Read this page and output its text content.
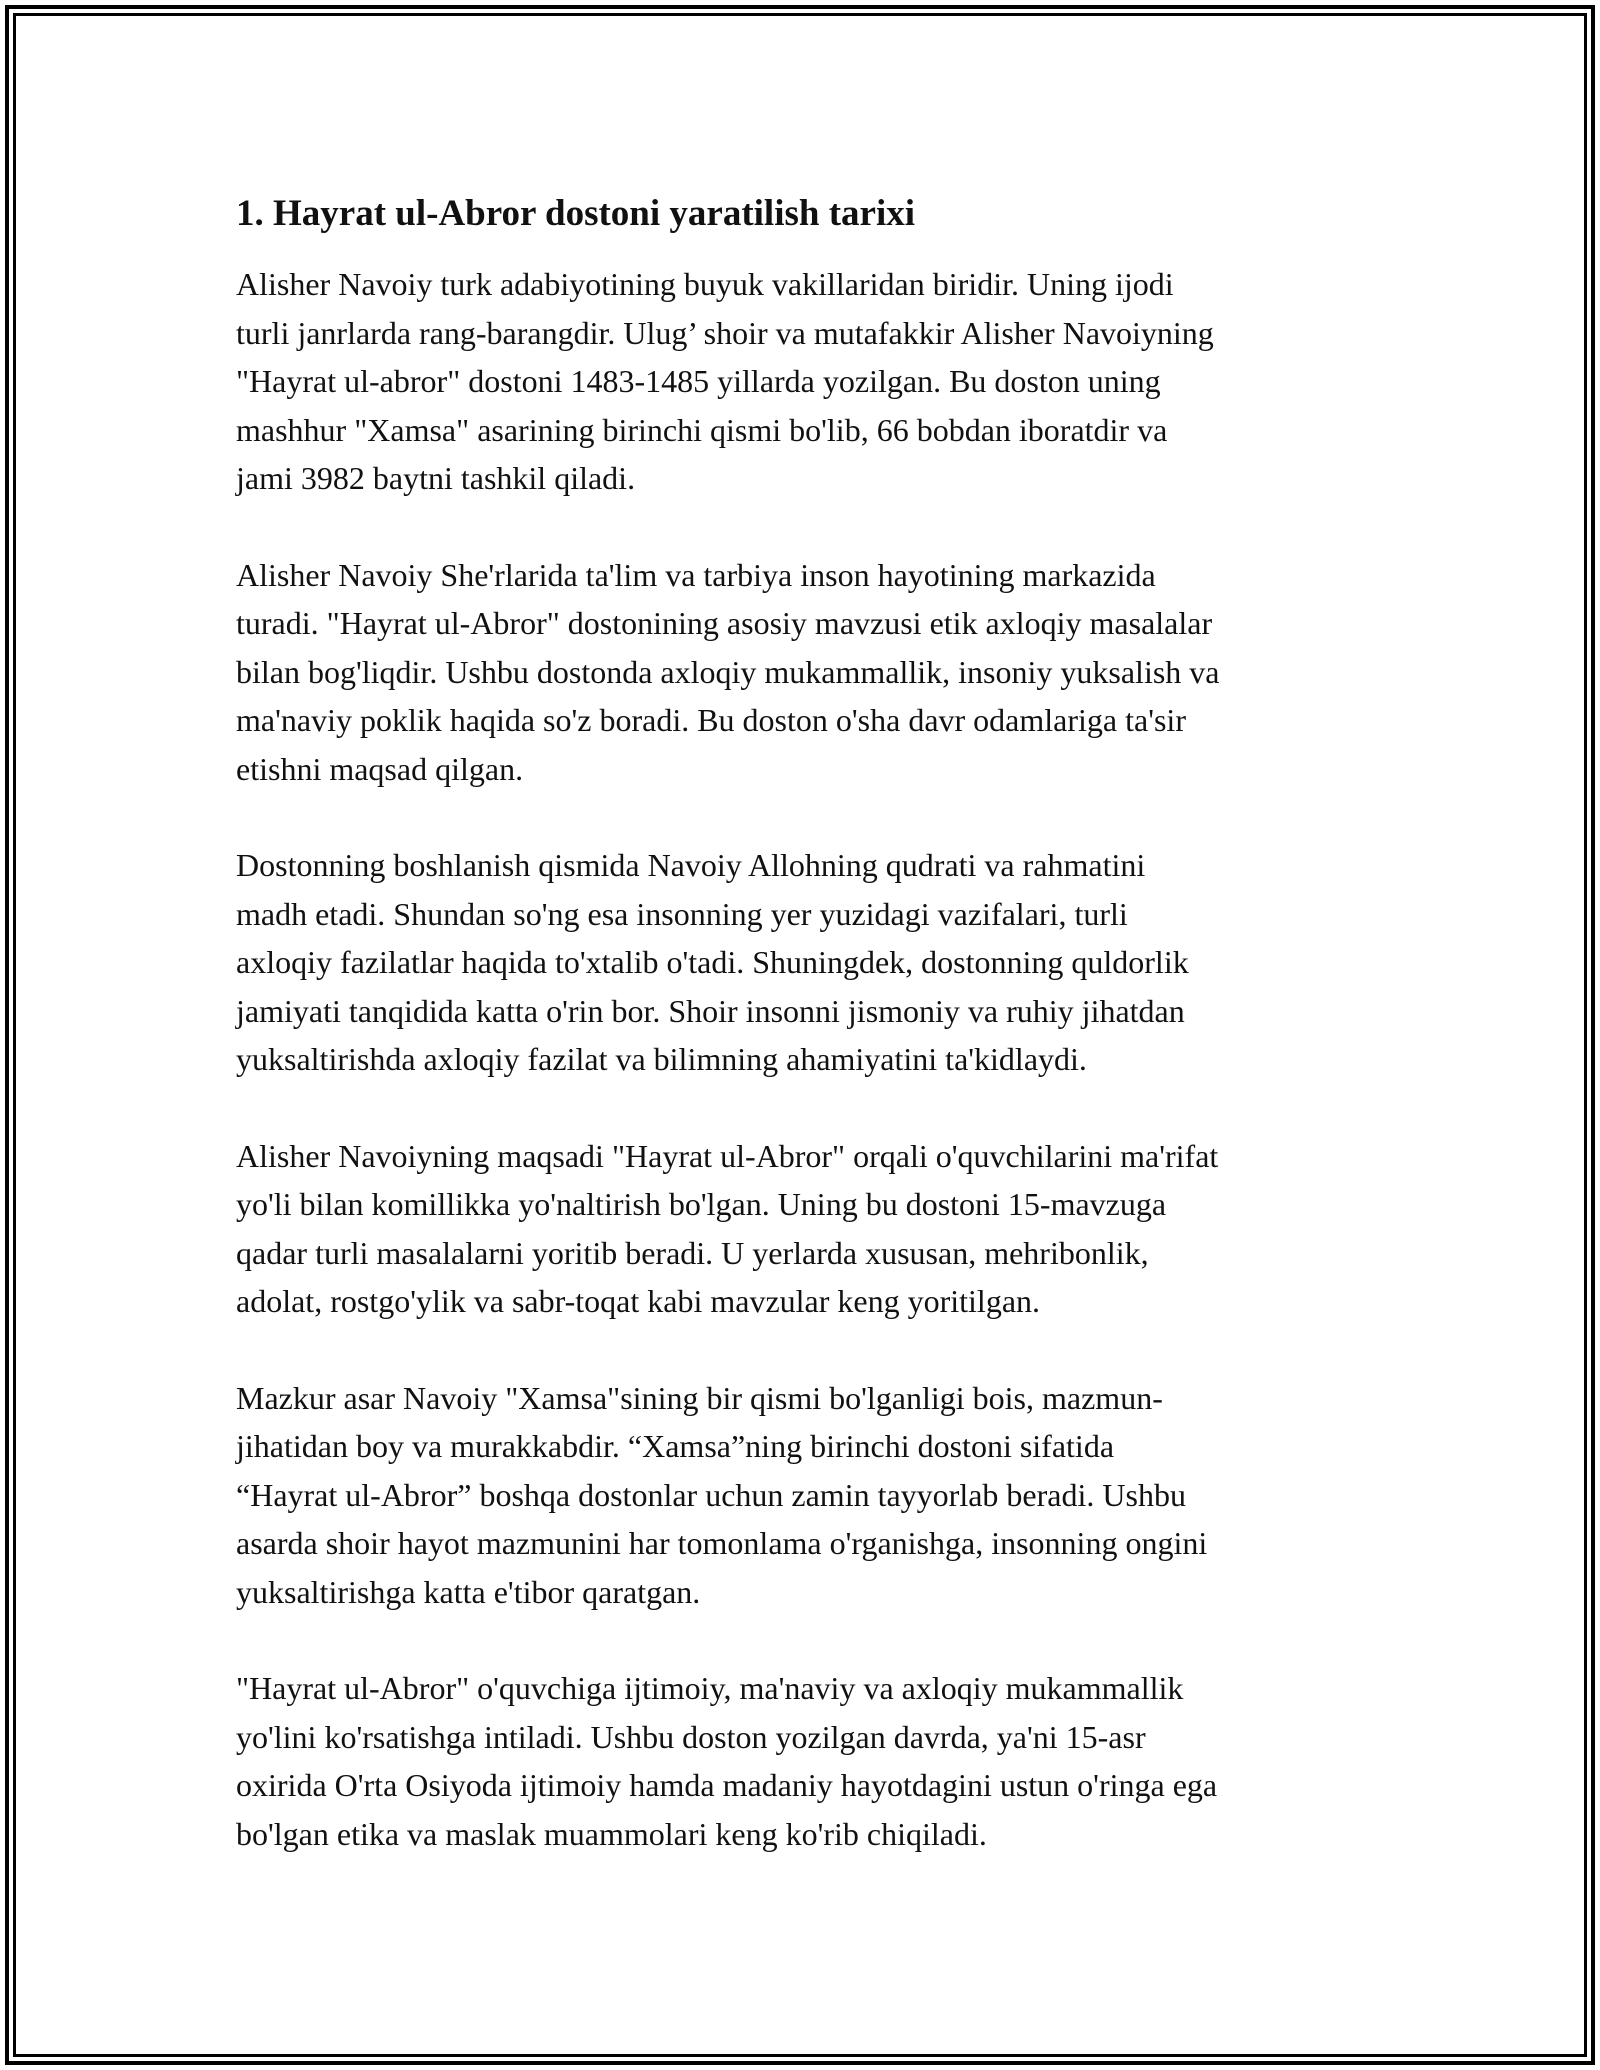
1. Hayrat ul-Abror dostoni yaratilish tarixi

Alisher Navoiy turk adabiyotining buyuk vakillaridan biridir. Uning ijodi
turli janrlarda rang-barangdir. Ulug’ shoir va mutafakkir Alisher Navoiyning
"Hayrat ul-abror" dostoni 1483-1485 yillarda yozilgan. Bu doston uning
mashhur "Xamsa" asarining birinchi qismi bo'lib, 66 bobdan iboratdir va
jami 3982 baytni tashkil qiladi.

Alisher Navoiy She'rlarida ta'lim va tarbiya inson hayotining markazida
turadi. "Hayrat ul-Abror" dostonining asosiy mavzusi etik axloqiy masalalar
bilan bog'liqdir. Ushbu dostonda axloqiy mukammallik, insoniy yuksalish va
ma'naviy poklik haqida so'z boradi. Bu doston o'sha davr odamlariga ta'sir
etishni maqsad qilgan.

Dostonning boshlanish qismida Navoiy Allohning qudrati va rahmatini
madh etadi. Shundan so'ng esa insonning yer yuzidagi vazifalari, turli
axloqiy fazilatlar haqida to'xtalib o'tadi. Shuningdek, dostonning quldorlik
jamiyati tanqidida katta o'rin bor. Shoir insonni jismoniy va ruhiy jihatdan
yuksaltirishda axloqiy fazilat va bilimning ahamiyatini ta'kidlaydi.

Alisher Navoiyning maqsadi "Hayrat ul-Abror" orqali o'quvchilarini ma'rifat
yo'li bilan komillikka yo'naltirish bo'lgan. Uning bu dostoni 15-mavzuga
qadar turli masalalarni yoritib beradi. U yerlarda xususan, mehribonlik,
adolat, rostgo'ylik va sabr-toqat kabi mavzular keng yoritilgan.

Mazkur asar Navoiy "Xamsa"sining bir qismi bo'lganligi bois, mazmun-
jihatidan boy va murakkabdir. “Xamsa”ning birinchi dostoni sifatida
“Hayrat ul-Abror” boshqa dostonlar uchun zamin tayyorlab beradi. Ushbu
asarda shoir hayot mazmunini har tomonlama o'rganishga, insonning ongini
yuksaltirishga katta e'tibor qaratgan.

"Hayrat ul-Abror" o'quvchiga ijtimoiy, ma'naviy va axloqiy mukammallik
yo'lini ko'rsatishga intiladi. Ushbu doston yozilgan davrda, ya'ni 15-asr
oxirida O'rta Osiyoda ijtimoiy hamda madaniy hayotdagini ustun o'ringa ega
bo'lgan etika va maslak muammolari keng ko'rib chiqiladi.
